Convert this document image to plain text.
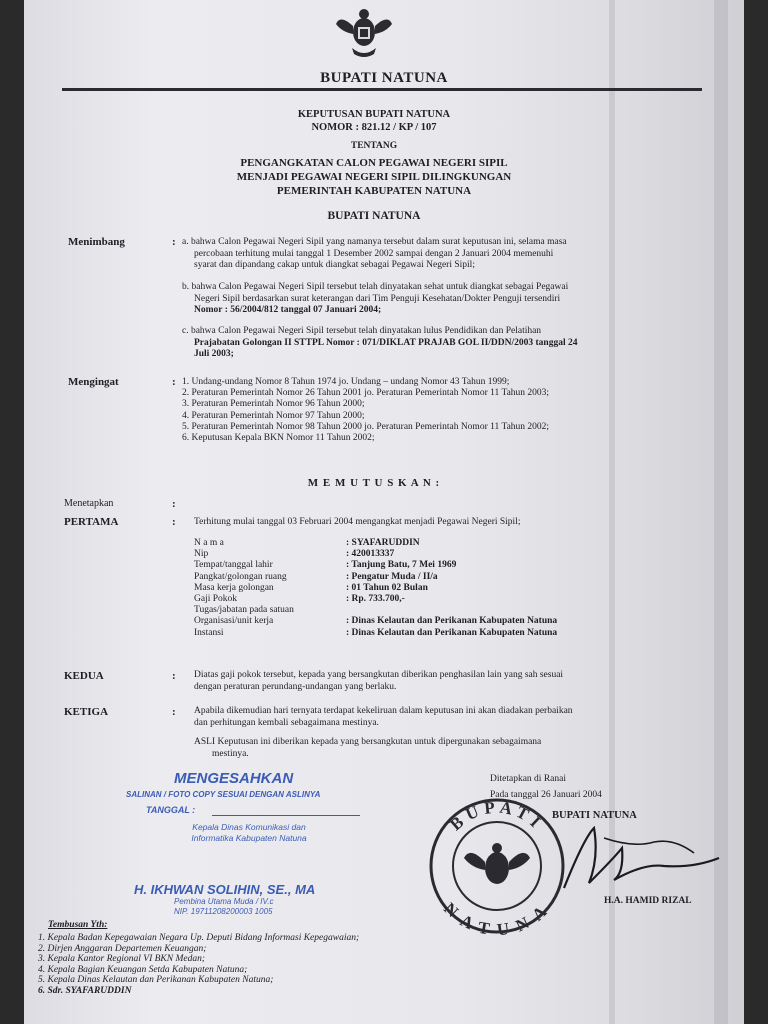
BUPATI NATUNA
KEPUTUSAN BUPATI NATUNA
NOMOR : 821.12 / KP / 107
TENTANG
PENGANGKATAN CALON PEGAWAI NEGERI SIPIL
MENJADI PEGAWAI NEGERI SIPIL DILINGKUNGAN
PEMERINTAH KABUPATEN NATUNA
BUPATI NATUNA
Menimbang	: a. bahwa Calon Pegawai Negeri Sipil yang namanya tersebut dalam surat keputusan ini, selama masa
percobaan terhitung mulai tanggal 1 Desember 2002 sampai dengan 2 Januari 2004 memenuhi
syarat dan dipandang cakap untuk diangkat sebagai Pegawai Negeri Sipil;
b. bahwa Calon Pegawai Negeri Sipil tersebut telah dinyatakan sehat untuk diangkat sebagai Pegawai
Negeri Sipil berdasarkan surat keterangan dari Tim Penguji Kesehatan/Dokter Penguji tersendiri
Nomor : 56/2004/812 tanggal 07 Januari 2004;
c. bahwa Calon Pegawai Negeri Sipil tersebut telah dinyatakan lulus Pendidikan dan Pelatihan
Prajabatan Golongan II STTPL Nomor : 071/DIKLAT PRAJAB GOL II/DDN/2003 tanggal 24
Juli 2003;
Mengingat	: 1. Undang-undang Nomor 8 Tahun 1974 jo. Undang – undang Nomor 43 Tahun 1999;
2. Peraturan Pemerintah Nomor 26 Tahun 2001 jo. Peraturan Pemerintah Nomor 11 Tahun 2003;
3. Peraturan Pemerintah Nomor 96 Tahun 2000;
4. Peraturan Pemerintah Nomor 97 Tahun 2000;
5. Peraturan Pemerintah Nomor 98 Tahun 2000 jo. Peraturan Pemerintah Nomor 11 Tahun 2002;
6. Keputusan Kepala BKN Nomor 11 Tahun 2002;
M E M U T U S K A N :
Menetapkan	:
PERTAMA	: Terhitung mulai tanggal 03 Februari 2004 mengangkat menjadi Pegawai Negeri Sipil;
N a m a	: SYAFARUDDIN
Nip	: 420013337
Tempat/tanggal lahir	: Tanjung Batu, 7 Mei 1969
Pangkat/golongan ruang	: Pengatur Muda / II/a
Masa kerja golongan	: 01 Tahun 02 Bulan
Gaji Pokok	: Rp. 733.700,-
Tugas/jabatan pada satuan
Organisasi/unit kerja	: Dinas Kelautan dan Perikanan Kabupaten Natuna
Instansi	: Dinas Kelautan dan Perikanan Kabupaten Natuna
KEDUA	: Diatas gaji pokok tersebut, kepada yang bersangkutan diberikan penghasilan lain yang sah sesuai
dengan peraturan perundang-undangan yang berlaku.
KETIGA	: Apabila dikemudian hari ternyata terdapat kekeliruan dalam keputusan ini akan diadakan perbaikan
dan perhitungan kembali sebagaimana mestinya.
ASLI Keputusan ini diberikan kepada yang bersangkutan untuk dipergunakan sebagaimana
mestinya.
MENGESAHKAN
SALINAN / FOTO COPY SESUAI DENGAN ASLINYA
TANGGAL :
Kepala Dinas Komunikasi dan
Informatika Kabupaten Natuna
H. IKHWAN SOLIHIN, SE., MA
Pembina Utama Muda / IV.c
NIP. 19711208200003 1005
Ditetapkan di Ranai
Pada tanggal 26 Januari 2004
BUPATI NATUNA
BUPATI
NATUNA	H.A. HAMID RIZAL
Tembusan Yth:
1. Kepala Badan Kepegawaian Negara Up. Deputi Bidang Informasi Kepegawaian;
2. Dirjen Anggaran Departemen Keuangan;
3. Kepala Kantor Regional VI BKN Medan;
4. Kepala Bagian Keuangan Setda Kabupaten Natuna;
5. Kepala Dinas Kelautan dan Perikanan Kabupaten Natuna;
6. Sdr. SYAFARUDDIN
